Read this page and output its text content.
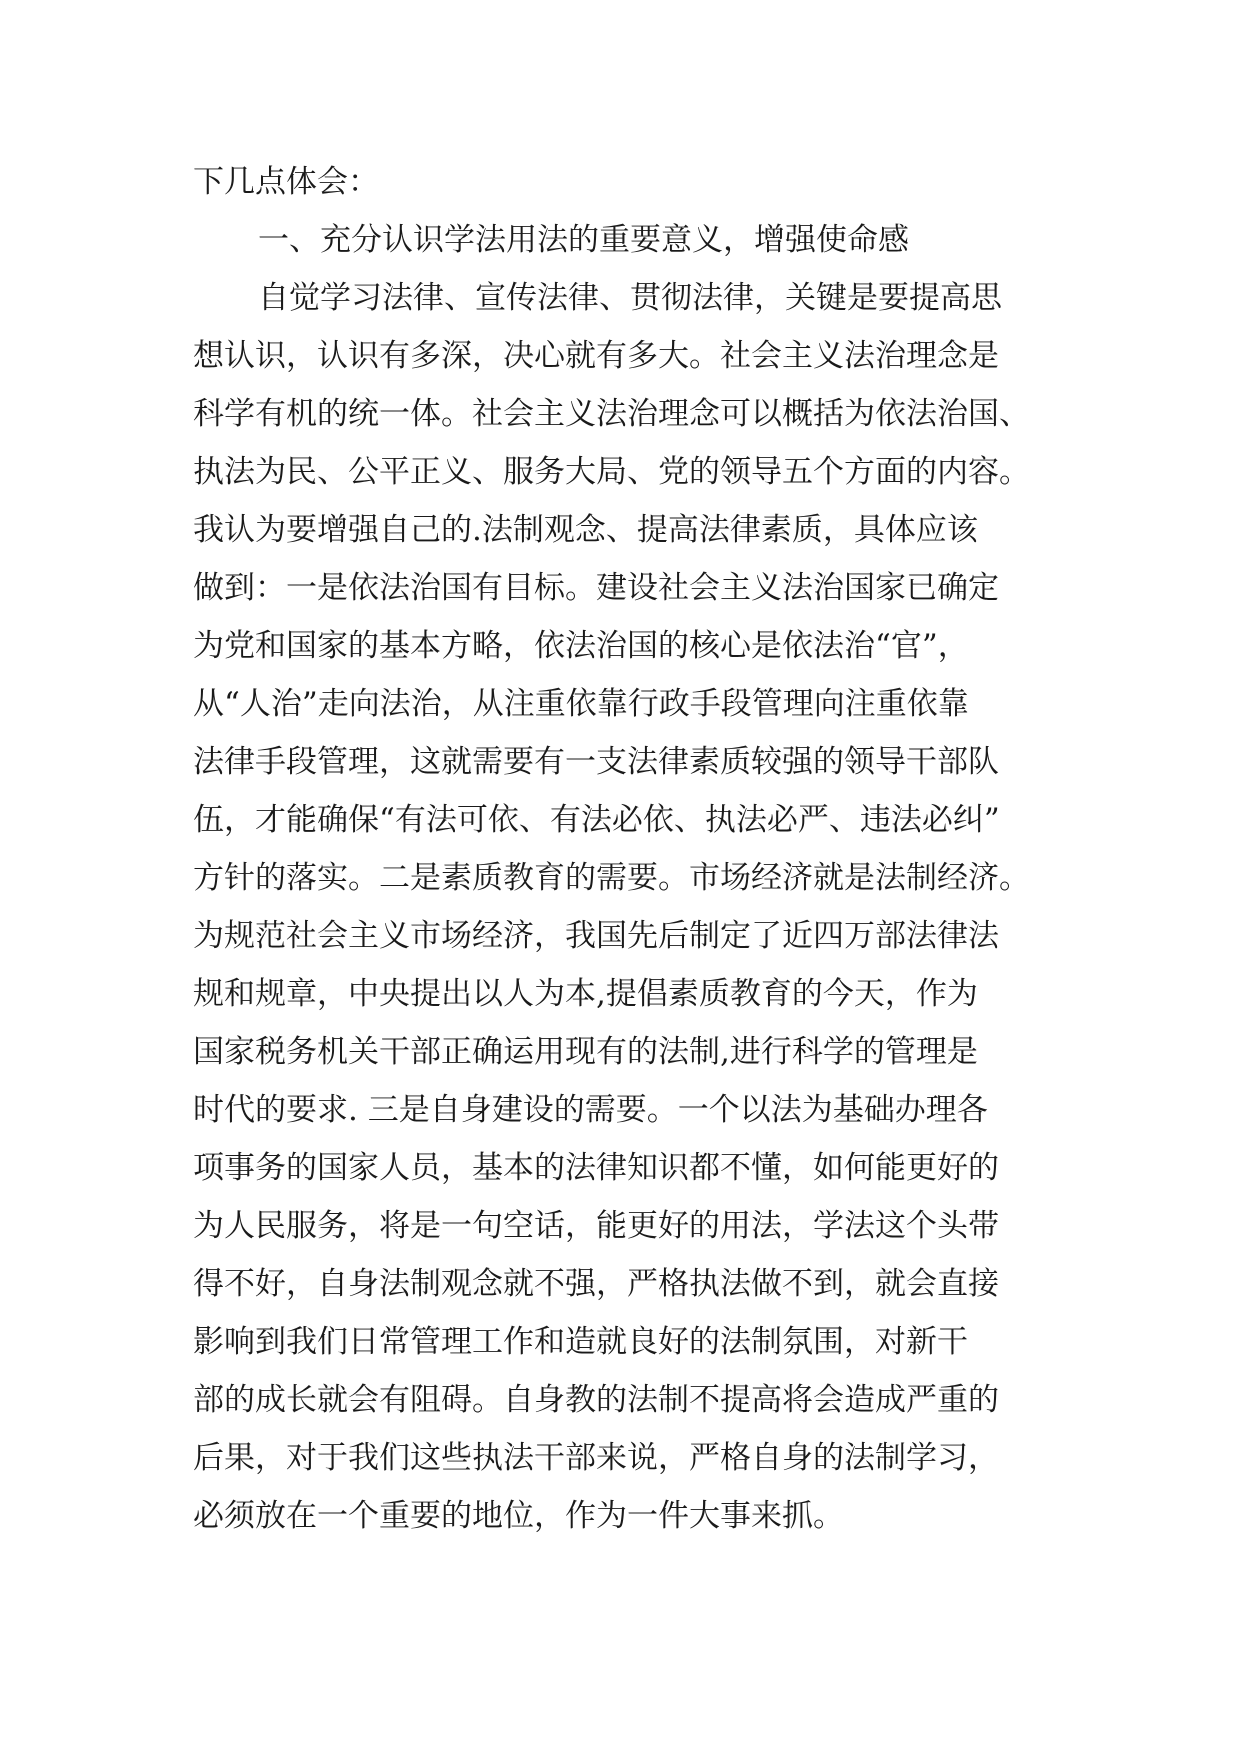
下几点体会：
一、充分认识学法用法的重要意义，增强使命感
自觉学习法律、宣传法律、贯彻法律，关键是要提高思
想认识，认识有多深，决心就有多大。社会主义法治理念是
科学有机的统一体。社会主义法治理念可以概括为依法治国、
执法为民、公平正义、服务大局、党的领导五个方面的内容。
我认为要增强自己的.法制观念、提高法律素质，具体应该
做到：一是依法治国有目标。建设社会主义法治国家已确定
为党和国家的基本方略，依法治国的核心是依法治“官”，
从“人治”走向法治，从注重依靠行政手段管理向注重依靠
法律手段管理，这就需要有一支法律素质较强的领导干部队
伍，才能确保“有法可依、有法必依、执法必严、违法必纠”
方针的落实。二是素质教育的需要。市场经济就是法制经济。
为规范社会主义市场经济，我国先后制定了近四万部法律法
规和规章，中央提出以人为本,提倡素质教育的今天，作为
国家税务机关干部正确运用现有的法制,进行科学的管理是
时代的要求. 三是自身建设的需要。一个以法为基础办理各
项事务的国家人员，基本的法律知识都不懂，如何能更好的
为人民服务，将是一句空话，能更好的用法，学法这个头带
得不好，自身法制观念就不强，严格执法做不到，就会直接
影响到我们日常管理工作和造就良好的法制氛围，对新干
部的成长就会有阻碍。自身教的法制不提高将会造成严重的
后果，对于我们这些执法干部来说，严格自身的法制学习，
必须放在一个重要的地位，作为一件大事来抓。
